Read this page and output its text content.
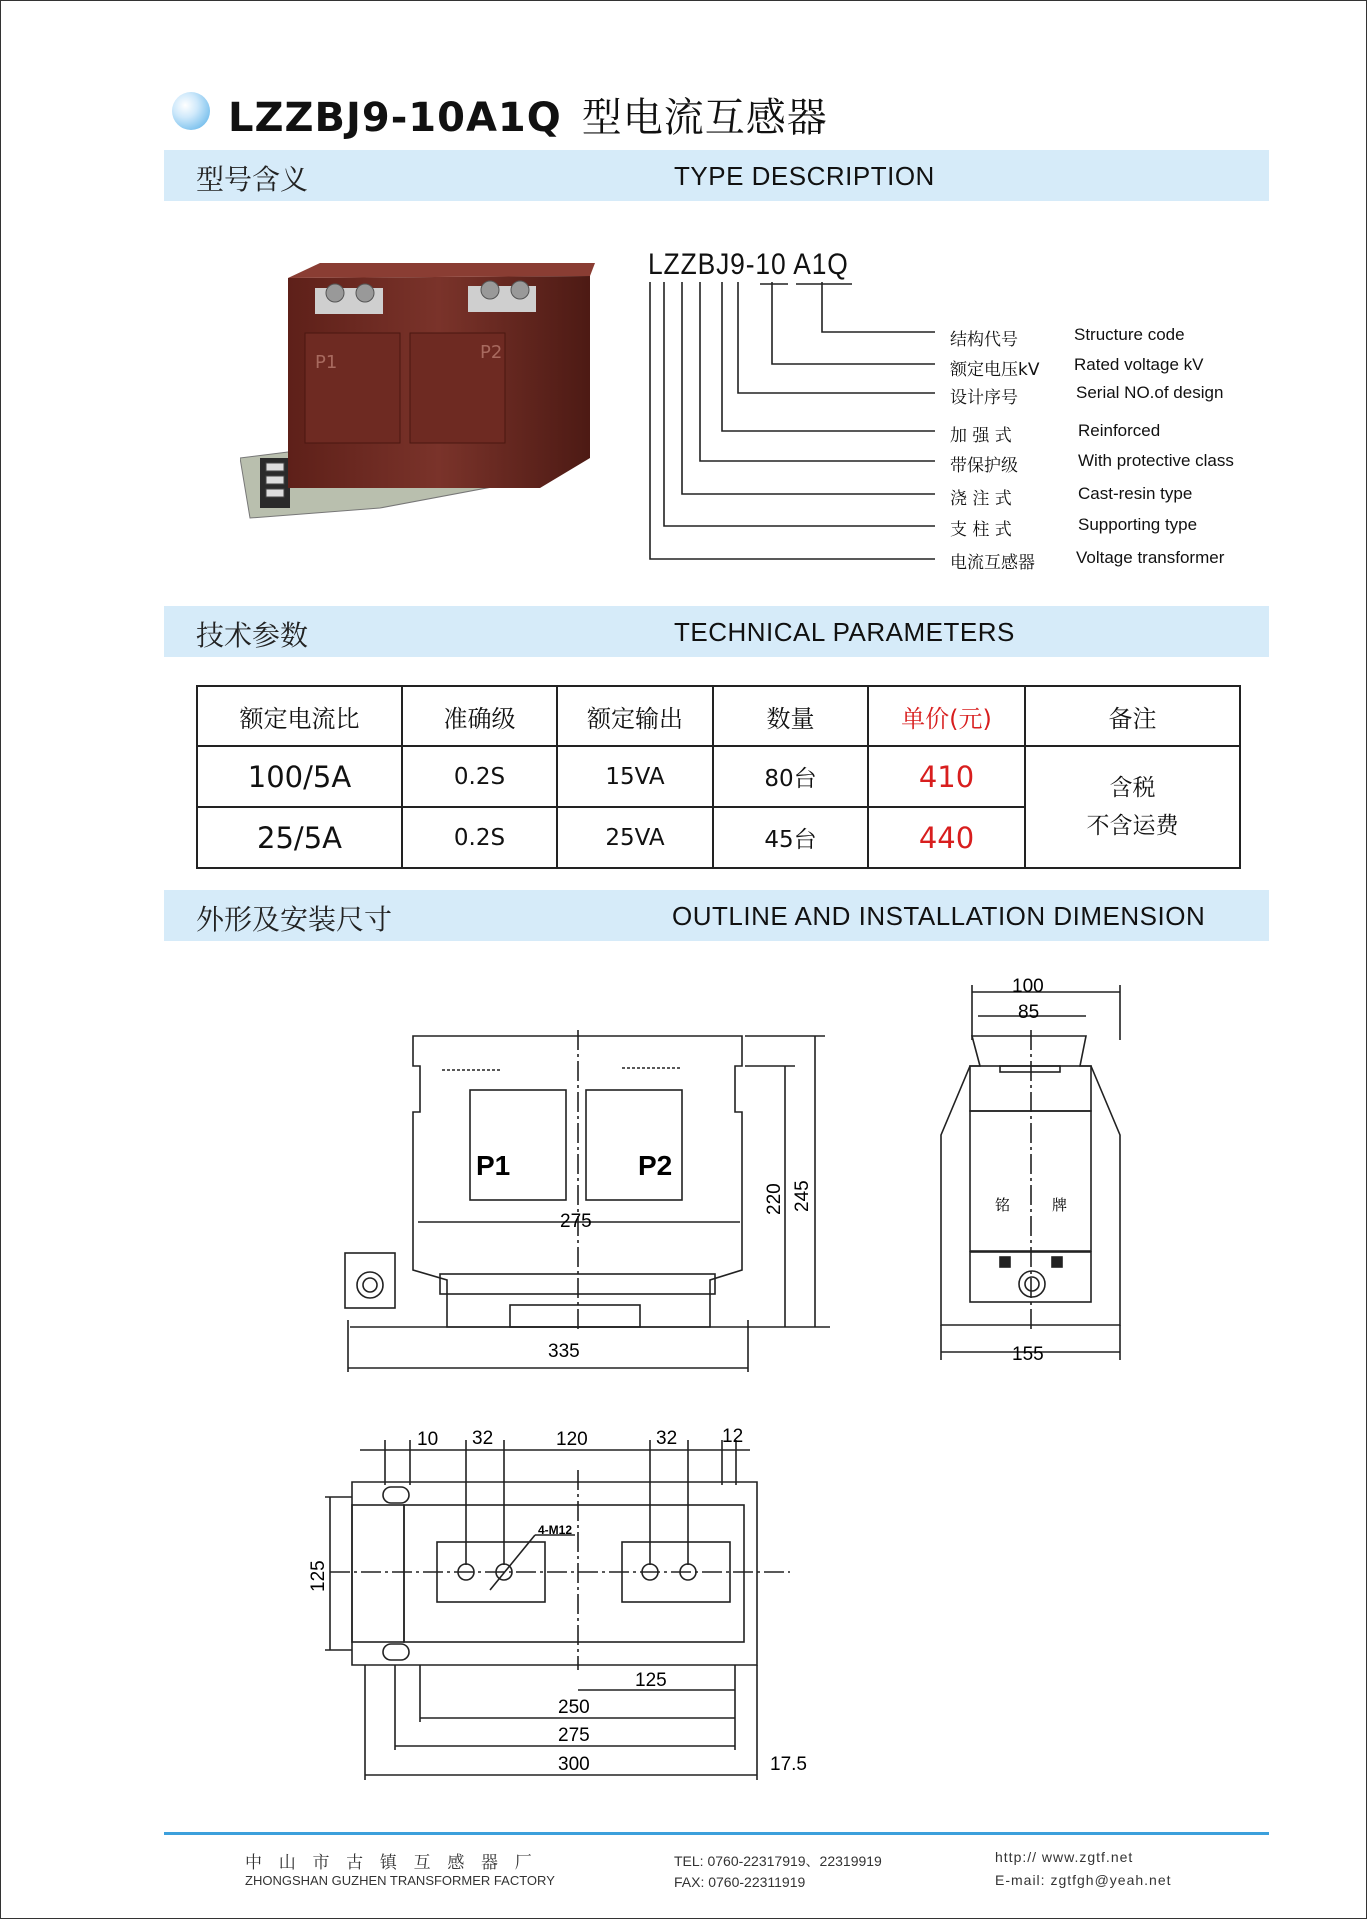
LZZBJ9-10A1Q 型电流互感器
型号含义	TYPE DESCRIPTION
P1	P2
LZZBJ9-10 A1Q
结构代号	Structure code
额定电压kV Rated voltage kV
设计序号	Serial NO.of design
加 强 式	Reinforced
带保护级	With protective class
浇 注 式	Cast-resin type
支 柱 式	Supporting type
电流互感器 Voltage transformer
技术参数	TECHNICAL PARAMETERS
额定电流比	准确级	额定输出	数量	单价(元)	备注
100/5A	0.2S	15VA	80台	410	含税
不含运费

25/5A	0.2S	25VA	45台	440	
外形及安装尺寸	OUTLINE AND INSTALLATION DIMENSION
P1	P2
275
335
220 245
100
85
155
铭	牌
10 32	120	32 12
125
4-M12
125
250
275
300	17.5
中 山 市 古 镇 互 感 器 厂
ZHONGSHAN GUZHEN TRANSFORMER FACTORY
TEL: 0760-22317919、22319919
FAX: 0760-22311919
http:// www.zgtf.net
E-mail: zgtfgh@yeah.net
